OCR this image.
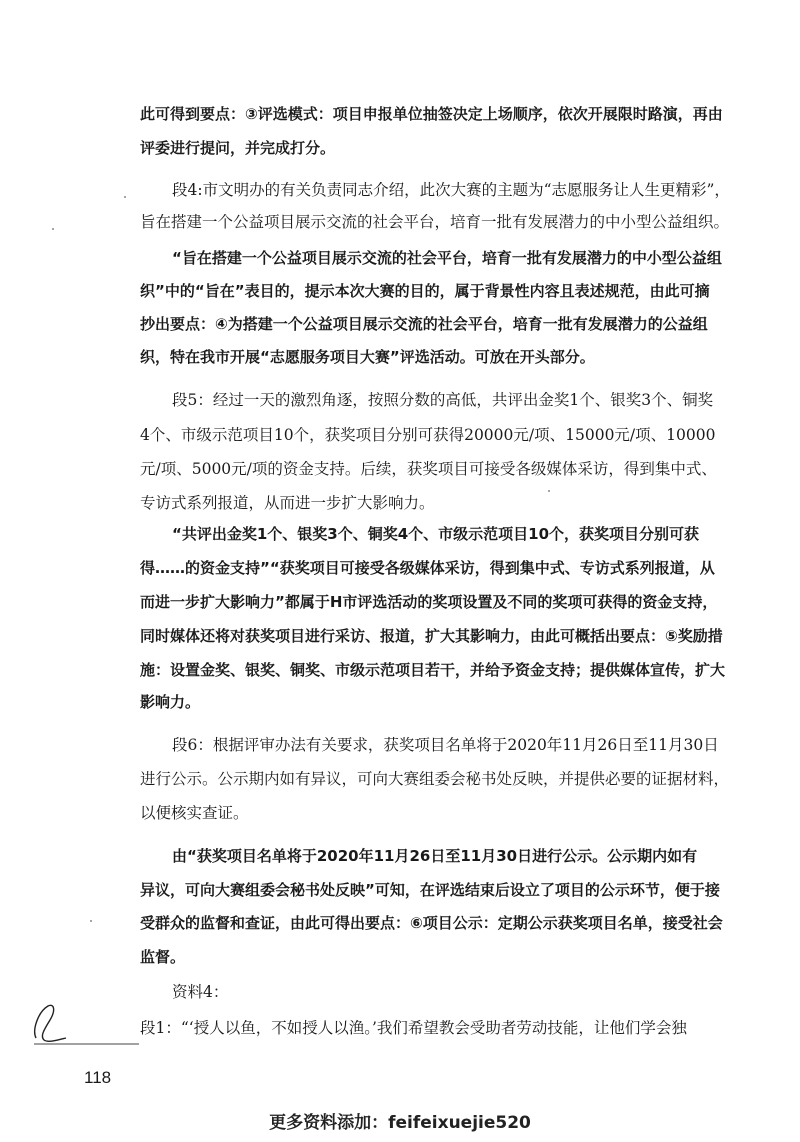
此可得到要点：③评选模式：项目申报单位抽签决定上场顺序，依次开展限时路演，再由
评委进行提问，并完成打分。
段4:市文明办的有关负责同志介绍，此次大赛的主题为“志愿服务让人生更精彩”，
旨在搭建一个公益项目展示交流的社会平台，培育一批有发展潜力的中小型公益组织。
“旨在搭建一个公益项目展示交流的社会平台，培育一批有发展潜力的中小型公益组
织”中的“旨在”表目的，提示本次大赛的目的，属于背景性内容且表述规范，由此可摘
抄出要点：④为搭建一个公益项目展示交流的社会平台，培育一批有发展潜力的公益组
织，特在我市开展“志愿服务项目大赛”评选活动。可放在开头部分。
段5：经过一天的激烈角逐，按照分数的高低，共评出金奖1个、银奖3个、铜奖
4个、市级示范项目10个，获奖项目分别可获得20000元/项、15000元/项、10000
元/项、5000元/项的资金支持。后续，获奖项目可接受各级媒体采访，得到集中式、
专访式系列报道，从而进一步扩大影响力。
“共评出金奖1个、银奖3个、铜奖4个、市级示范项目10个，获奖项目分别可获
得……的资金支持”“获奖项目可接受各级媒体采访，得到集中式、专访式系列报道，从
而进一步扩大影响力”都属于H市评选活动的奖项设置及不同的奖项可获得的资金支持，
同时媒体还将对获奖项目进行采访、报道，扩大其影响力，由此可概括出要点：⑤奖励措
施：设置金奖、银奖、铜奖、市级示范项目若干，并给予资金支持；提供媒体宣传，扩大
影响力。
段6：根据评审办法有关要求，获奖项目名单将于2020年11月26日至11月30日
进行公示。公示期内如有异议，可向大赛组委会秘书处反映，并提供必要的证据材料，
以便核实查证。
由“获奖项目名单将于2020年11月26日至11月30日进行公示。公示期内如有
异议，可向大赛组委会秘书处反映”可知，在评选结束后设立了项目的公示环节，便于接
受群众的监督和查证，由此可得出要点：⑥项目公示：定期公示获奖项目名单，接受社会
监督。
资料4：
段1：“‘授人以鱼，不如授人以渔。’我们希望教会受助者劳动技能，让他们学会独
118
更多资料添加：feifeixuejie520
